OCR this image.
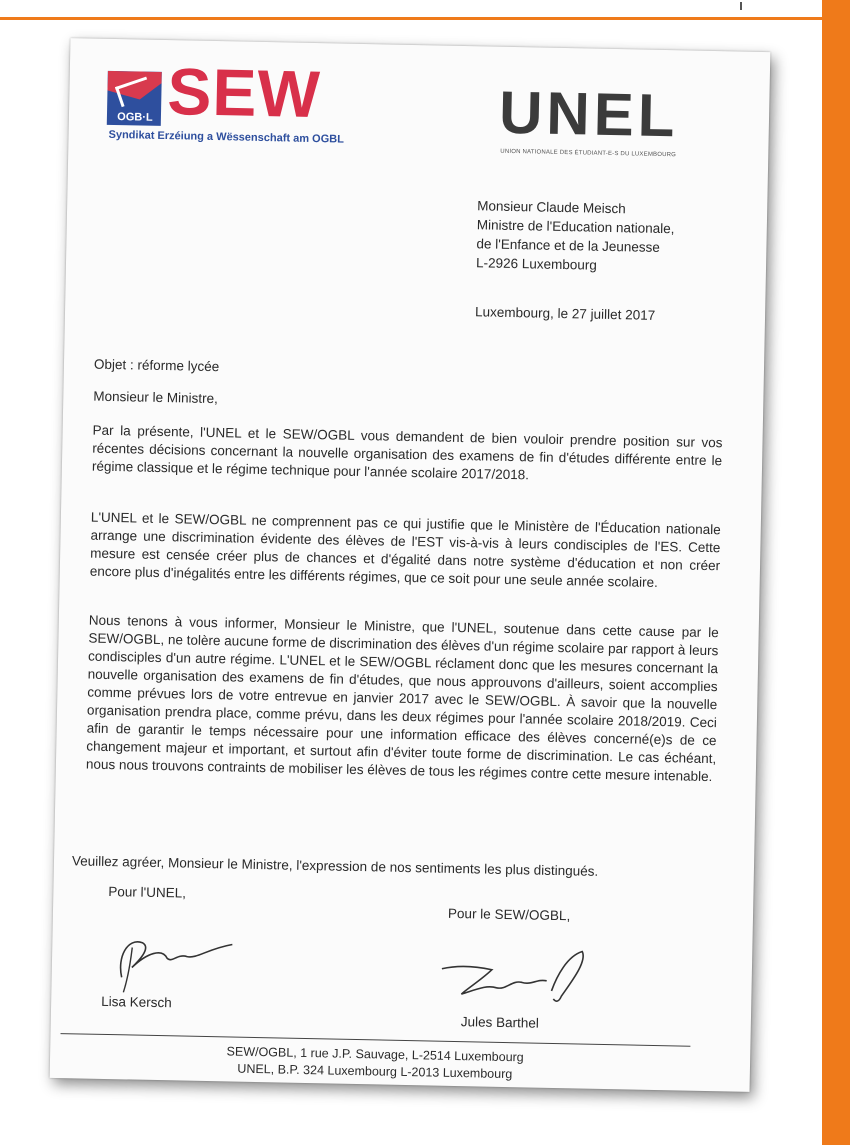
OGB·L SEW
Syndikat Erzéiung a Wëssenschaft am OGBL	UNEL
UNION NATIONALE DES ÉTUDIANT-E-S DU LUXEMBOURG
Monsieur Claude Meisch
Ministre de l'Education nationale,
de l'Enfance et de la Jeunesse
L-2926 Luxembourg
Luxembourg, le 27 juillet 2017
Objet : réforme lycée
Monsieur le Ministre,
Par la présente, l'UNEL et le SEW/OGBL vous demandent de bien vouloir prendre position sur vos récentes décisions concernant la nouvelle organisation des examens de fin d'études différente entre le régime classique et le régime technique pour l'année scolaire 2017/2018.
L'UNEL et le SEW/OGBL ne comprennent pas ce qui justifie que le Ministère de l'Éducation nationale arrange une discrimination évidente des élèves de l'EST vis-à-vis à leurs condisciples de l'ES. Cette mesure est censée créer plus de chances et d'égalité dans notre système d'éducation et non créer encore plus d'inégalités entre les différents régimes, que ce soit pour une seule année scolaire.
Nous tenons à vous informer, Monsieur le Ministre, que l'UNEL, soutenue dans cette cause par le SEW/OGBL, ne tolère aucune forme de discrimination des élèves d'un régime scolaire par rapport à leurs condisciples d'un autre régime. L'UNEL et le SEW/OGBL réclament donc que les mesures concernant la nouvelle organisation des examens de fin d'études, que nous approuvons d'ailleurs, soient accomplies comme prévues lors de votre entrevue en janvier 2017 avec le SEW/OGBL. À savoir que la nouvelle organisation prendra place, comme prévu, dans les deux régimes pour l'année scolaire 2018/2019. Ceci afin de garantir le temps nécessaire pour une information efficace des élèves concerné(e)s de ce changement majeur et important, et surtout afin d'éviter toute forme de discrimination. Le cas échéant, nous nous trouvons contraints de mobiliser les élèves de tous les régimes contre cette mesure intenable.
Veuillez agréer, Monsieur le Ministre, l'expression de nos sentiments les plus distingués.
Pour l'UNEL,
Pour le SEW/OGBL,
Lisa Kersch
Jules Barthel
SEW/OGBL, 1 rue J.P. Sauvage, L-2514 Luxembourg
UNEL, B.P. 324 Luxembourg L-2013 Luxembourg
